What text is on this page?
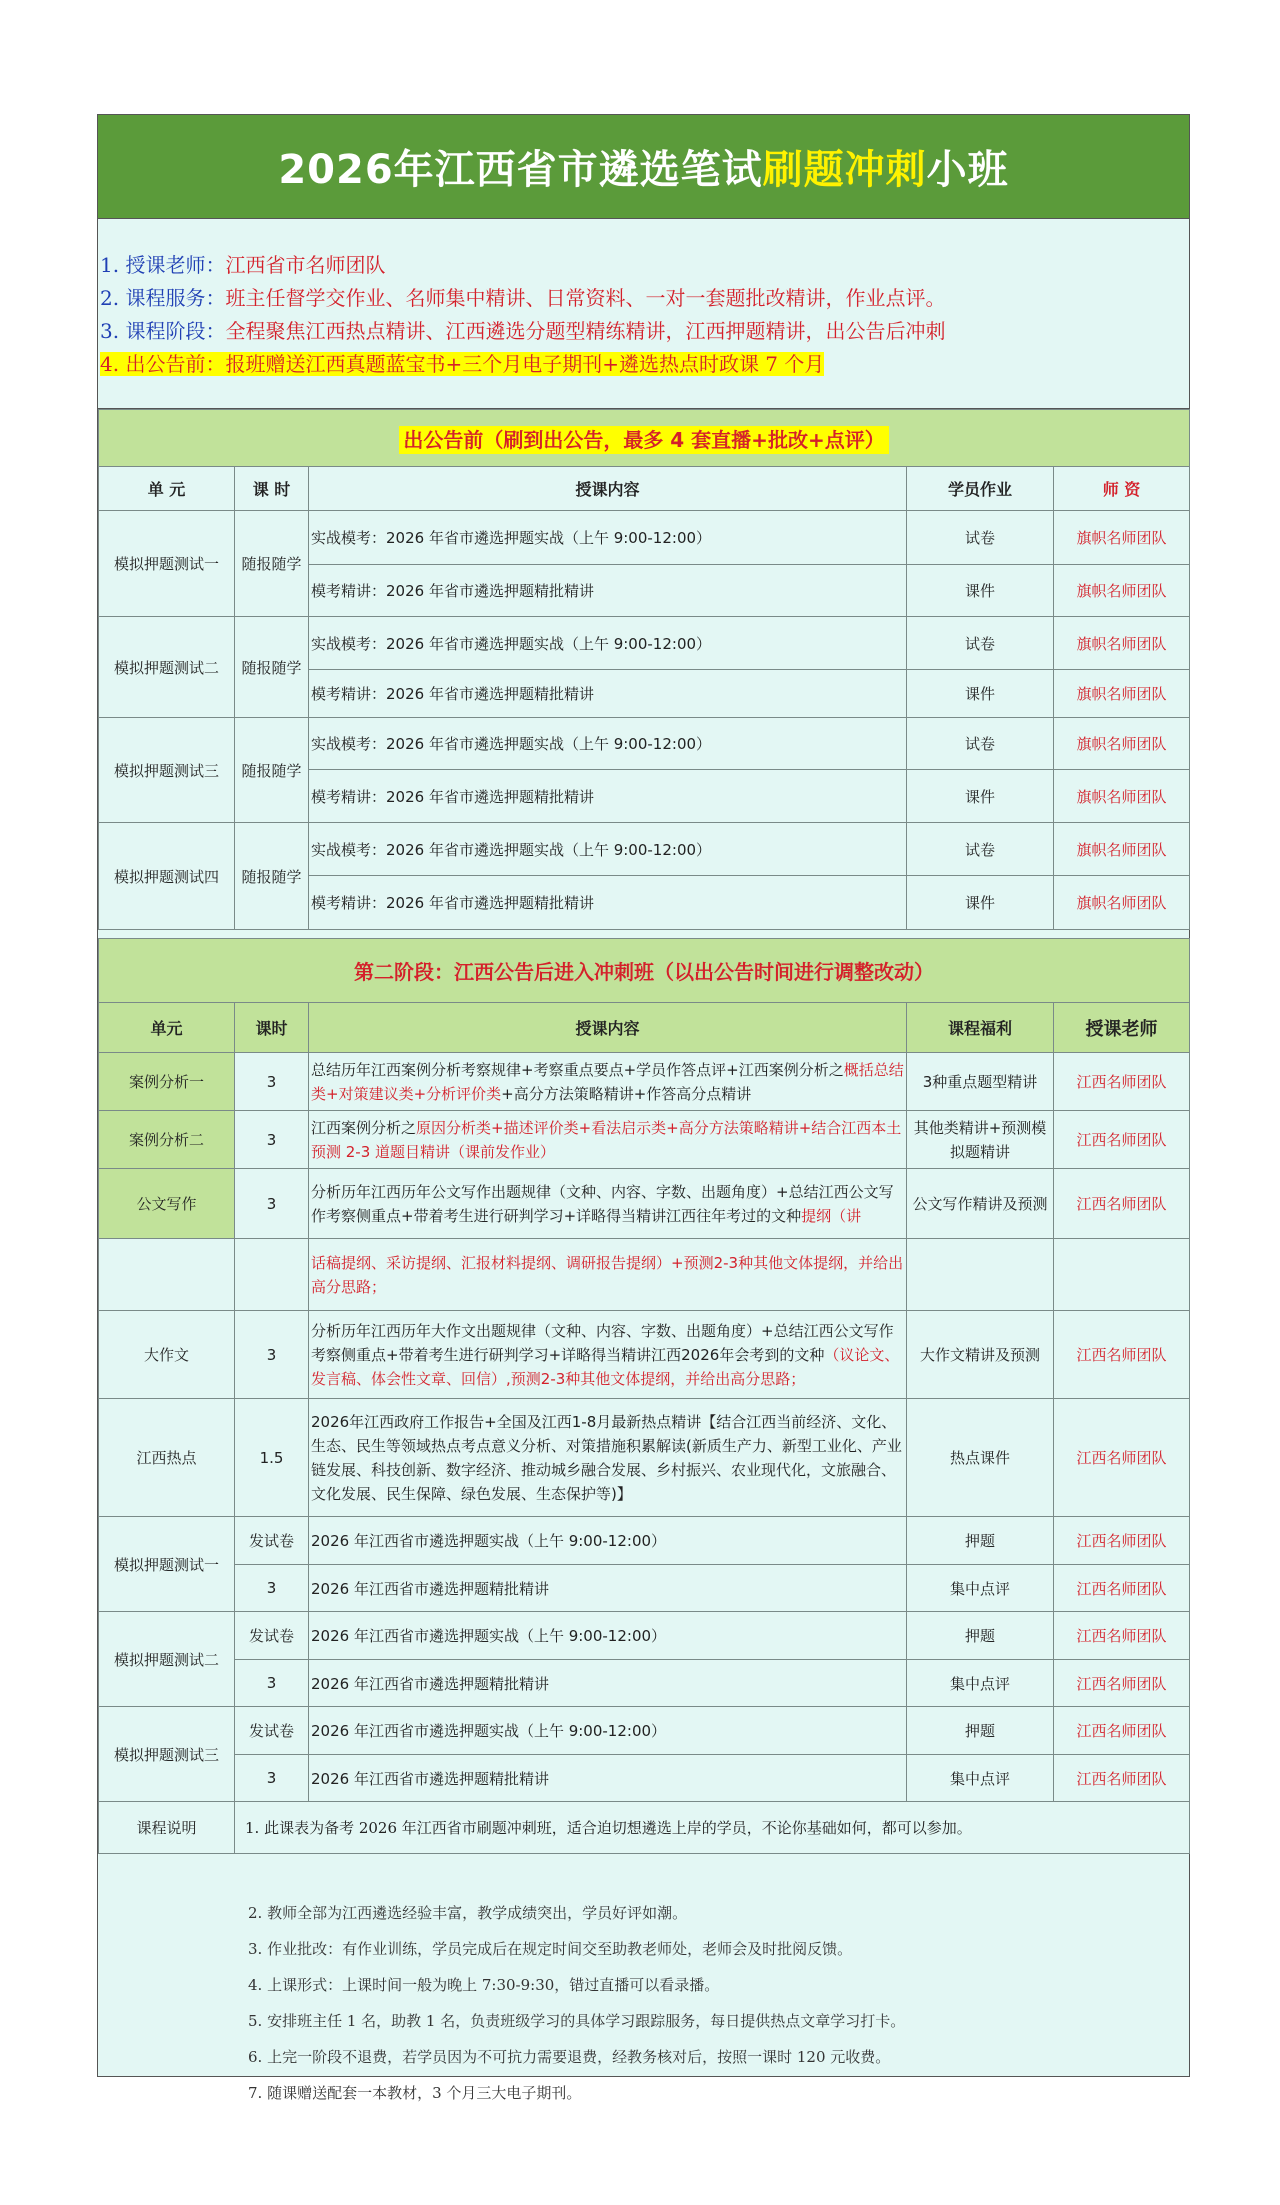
2026年江西省市遴选笔试刷题冲刺小班
1. 授课老师：江西省市名师团队
2. 课程服务：班主任督学交作业、名师集中精讲、日常资料、一对一套题批改精讲，作业点评。
3. 课程阶段：全程聚焦江西热点精讲、江西遴选分题型精练精讲，江西押题精讲，出公告后冲刺
4. 出公告前：报班赠送江西真题蓝宝书+三个月电子期刊+遴选热点时政课 7 个月
出公告前（刷到出公告，最多 4 套直播+批改+点评）				
单 元	课 时	授课内容	学员作业	师 资
模拟押题测试一	随报随学	实战模考：2026 年省市遴选押题实战（上午 9:00-12:00）	试卷	旗帜名师团队
		模考精讲：2026 年省市遴选押题精批精讲	课件	旗帜名师团队
模拟押题测试二	随报随学	实战模考：2026 年省市遴选押题实战（上午 9:00-12:00）	试卷	旗帜名师团队
		模考精讲：2026 年省市遴选押题精批精讲	课件	旗帜名师团队
模拟押题测试三	随报随学	实战模考：2026 年省市遴选押题实战（上午 9:00-12:00）	试卷	旗帜名师团队
		模考精讲：2026 年省市遴选押题精批精讲	课件	旗帜名师团队
模拟押题测试四	随报随学	实战模考：2026 年省市遴选押题实战（上午 9:00-12:00）	试卷	旗帜名师团队
		模考精讲：2026 年省市遴选押题精批精讲	课件	旗帜名师团队
第二阶段：江西公告后进入冲刺班（以出公告时间进行调整改动）				
单元	课时	授课内容	课程福利	授课老师
案例分析一	3	总结历年江西案例分析考察规律+考察重点要点+学员作答点评+江西案例分析之概括总结类+对策建议类+分析评价类+高分方法策略精讲+作答高分点精讲	3种重点题型精讲	江西名师团队
案例分析二	3	江西案例分析之原因分析类+描述评价类+看法启示类+高分方法策略精讲+结合江西本土预测 2-3 道题目精讲（课前发作业）	其他类精讲+预测模拟题精讲	江西名师团队
公文写作	3	分析历年江西历年公文写作出题规律（文种、内容、字数、出题角度）+总结江西公文写作考察侧重点+带着考生进行研判学习+详略得当精讲江西往年考过的文种提纲（讲	公文写作精讲及预测	江西名师团队
		话稿提纲、采访提纲、汇报材料提纲、调研报告提纲）+预测2-3种其他文体提纲，并给出高分思路；		
大作文	3	分析历年江西历年大作文出题规律（文种、内容、字数、出题角度）+总结江西公文写作考察侧重点+带着考生进行研判学习+详略得当精讲江西2026年会考到的文种（议论文、发言稿、体会性文章、回信）,预测2-3种其他文体提纲，并给出高分思路；	大作文精讲及预测	江西名师团队
江西热点	1.5	2026年江西政府工作报告+全国及江西1-8月最新热点精讲【结合江西当前经济、文化、生态、民生等领域热点考点意义分析、对策措施积累解读(新质生产力、新型工业化、产业链发展、科技创新、数字经济、推动城乡融合发展、乡村振兴、农业现代化，文旅融合、文化发展、民生保障、绿色发展、生态保护等)】	热点课件	江西名师团队
模拟押题测试一	发试卷	2026 年江西省市遴选押题实战（上午 9:00-12:00）	押题	江西名师团队
	3	2026 年江西省市遴选押题精批精讲	集中点评	江西名师团队
模拟押题测试二	发试卷	2026 年江西省市遴选押题实战（上午 9:00-12:00）	押题	江西名师团队
	3	2026 年江西省市遴选押题精批精讲	集中点评	江西名师团队
模拟押题测试三	发试卷	2026 年江西省市遴选押题实战（上午 9:00-12:00）	押题	江西名师团队
	3	2026 年江西省市遴选押题精批精讲	集中点评	江西名师团队
课程说明	1. 此课表为备考 2026 年江西省市刷题冲刺班，适合迫切想遴选上岸的学员，不论你基础如何，都可以参加。			
2. 教师全部为江西遴选经验丰富，教学成绩突出，学员好评如潮。
3. 作业批改：有作业训练，学员完成后在规定时间交至助教老师处，老师会及时批阅反馈。
4. 上课形式：上课时间一般为晚上 7:30-9:30，错过直播可以看录播。
5. 安排班主任 1 名，助教 1 名，负责班级学习的具体学习跟踪服务，每日提供热点文章学习打卡。
6. 上完一阶段不退费，若学员因为不可抗力需要退费，经教务核对后，按照一课时 120 元收费。
7. 随课赠送配套一本教材，3 个月三大电子期刊。
